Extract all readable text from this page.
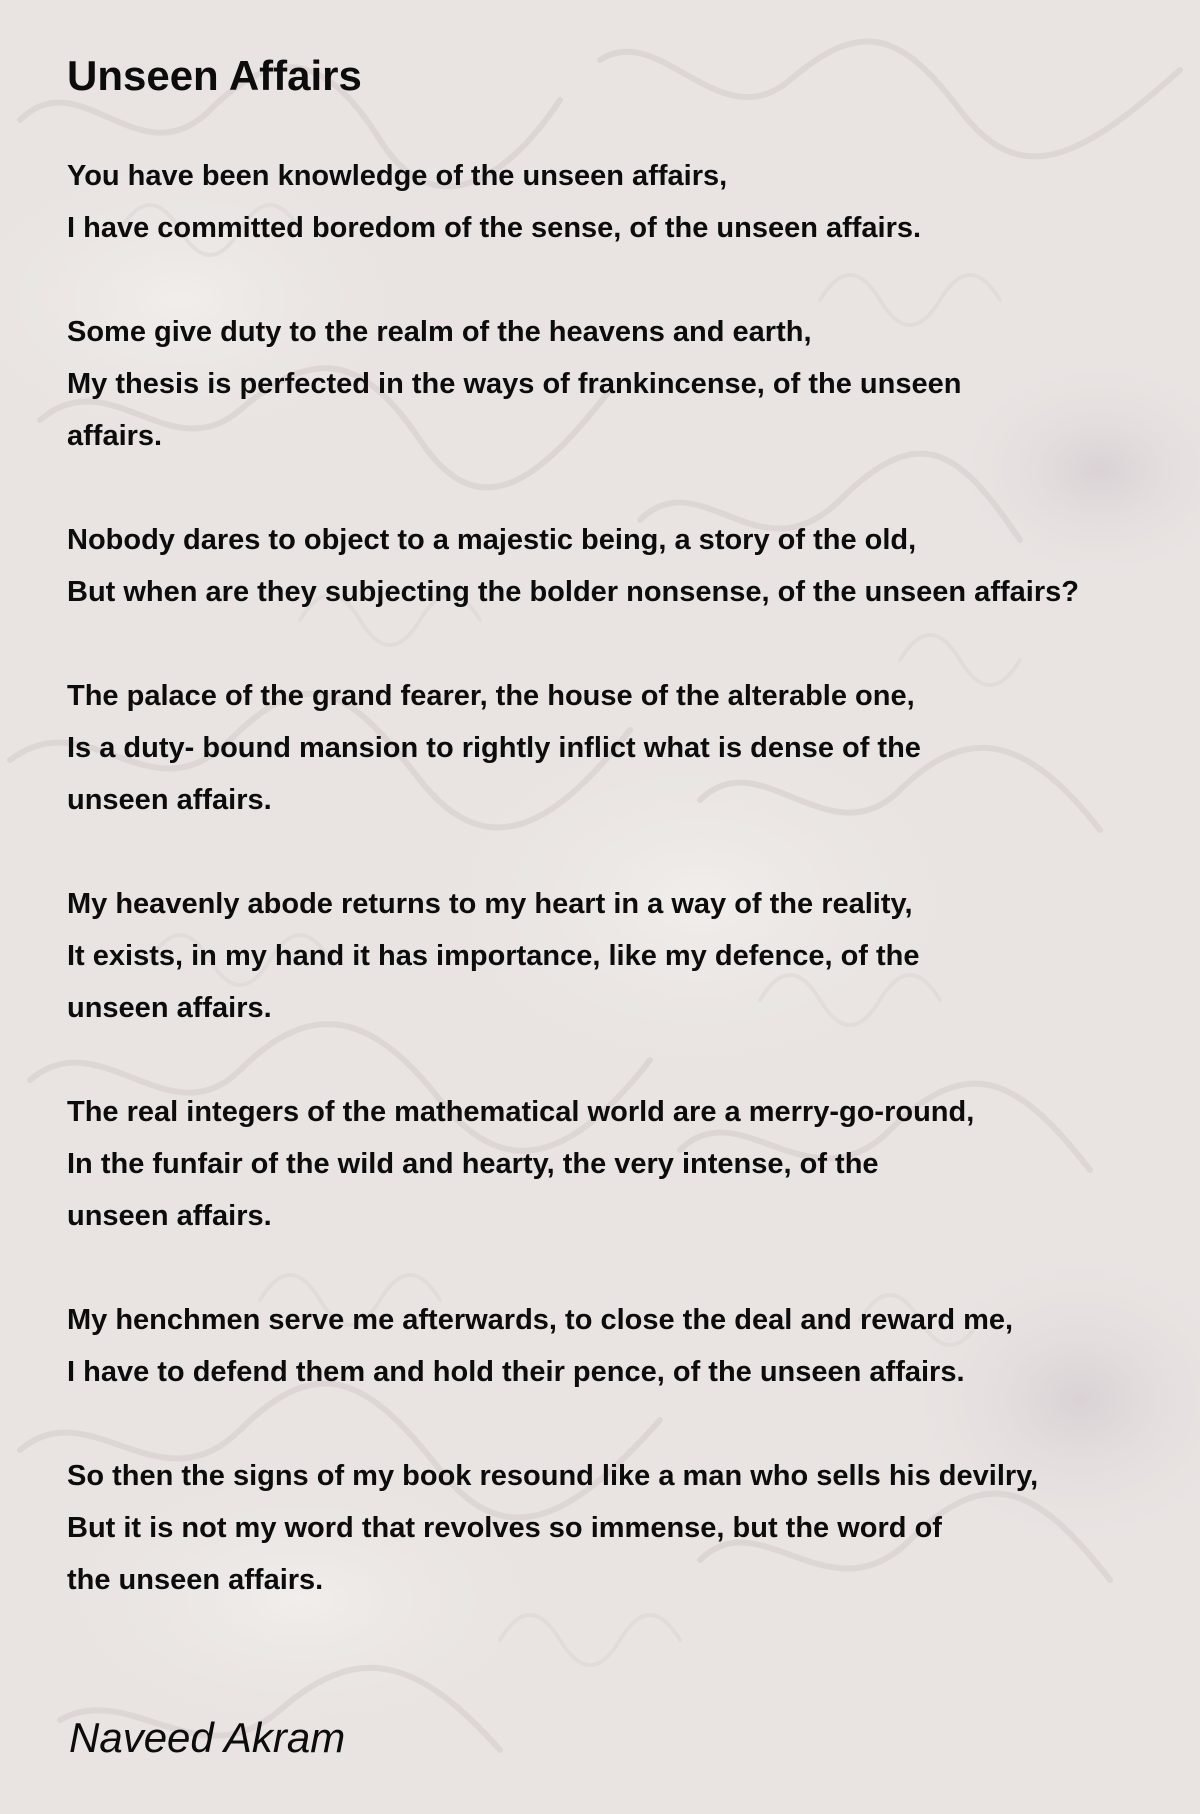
Unseen Affairs
You have been knowledge of the unseen affairs,
I have committed boredom of the sense, of the unseen affairs.
Some give duty to the realm of the heavens and earth,
My thesis is perfected in the ways of frankincense, of the unseen
affairs.
Nobody dares to object to a majestic being, a story of the old,
But when are they subjecting the bolder nonsense, of the unseen affairs?
The palace of the grand fearer, the house of the alterable one,
Is a duty- bound mansion to rightly inflict what is dense of the
unseen affairs.
My heavenly abode returns to my heart in a way of the reality,
It exists, in my hand it has importance, like my defence, of the
unseen affairs.
The real integers of the mathematical world are a merry-go-round,
In the funfair of the wild and hearty, the very intense, of the
unseen affairs.
My henchmen serve me afterwards, to close the deal and reward me,
I have to defend them and hold their pence, of the unseen affairs.
So then the signs of my book resound like a man who sells his devilry,
But it is not my word that revolves so immense, but the word of
the unseen affairs.
Naveed Akram
